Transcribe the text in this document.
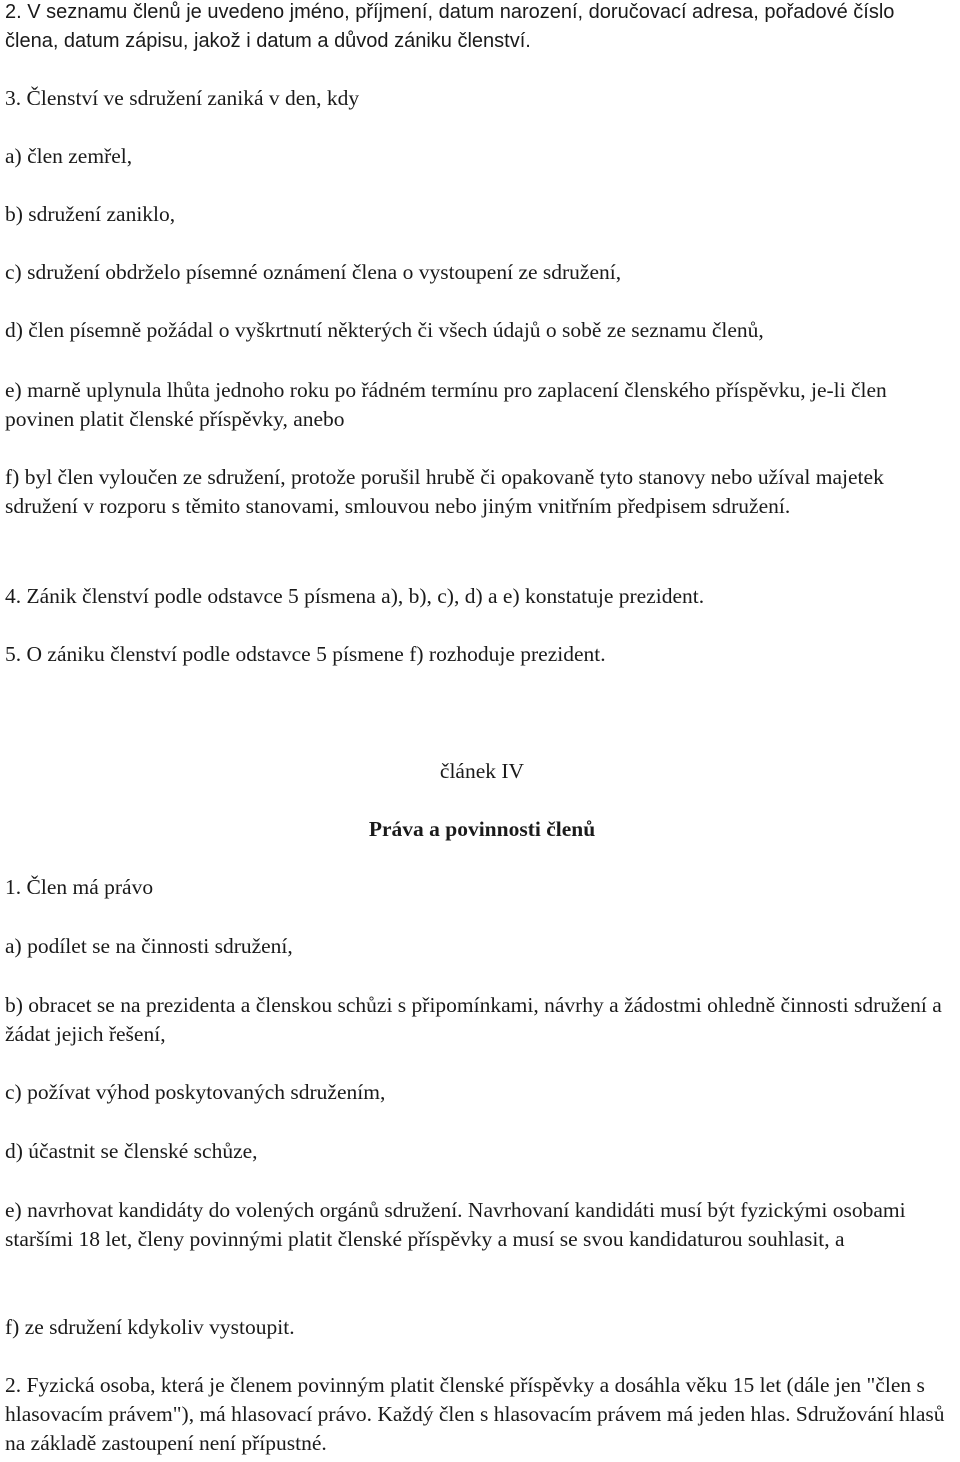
2. V seznamu členů je uvedeno jméno, příjmení, datum narození, doručovací adresa, pořadové číslo člena, datum zápisu, jakož i datum a důvod zániku členství.

3. Členství ve sdružení zaniká v den, kdy

a) člen zemřel,

b) sdružení zaniklo,

c) sdružení obdrželo písemné oznámení člena o vystoupení ze sdružení,

d) člen písemně požádal o vyškrtnutí některých či všech údajů o sobě ze seznamu členů,

e) marně uplynula lhůta jednoho roku po řádném termínu pro zaplacení členského příspěvku, je-li člen povinen platit členské příspěvky, anebo

f) byl člen vyloučen ze sdružení, protože porušil hrubě či opakovaně tyto stanovy nebo užíval majetek sdružení v rozporu s těmito stanovami, smlouvou nebo jiným vnitřním předpisem sdružení.

4. Zánik členství podle odstavce 5 písmena a), b), c), d) a e) konstatuje prezident.

5. O zániku členství podle odstavce 5 písmene f) rozhoduje prezident.

článek IV

Práva a povinnosti členů

1. Člen má právo

a) podílet se na činnosti sdružení,

b) obracet se na prezidenta a členskou schůzi s připomínkami, návrhy a žádostmi ohledně činnosti sdružení a žádat jejich řešení,

c) požívat výhod poskytovaných sdružením,

d) účastnit se členské schůze,

e) navrhovat kandidáty do volených orgánů sdružení. Navrhovaní kandidáti musí být fyzickými osobami staršími 18 let, členy povinnými platit členské příspěvky a musí se svou kandidaturou souhlasit, a

f) ze sdružení kdykoliv vystoupit.

2. Fyzická osoba, která je členem povinným platit členské příspěvky a dosáhla věku 15 let (dále jen "člen s hlasovacím právem"), má hlasovací právo. Každý člen s hlasovacím právem má jeden hlas. Sdružování hlasů na základě zastoupení není přípustné.
